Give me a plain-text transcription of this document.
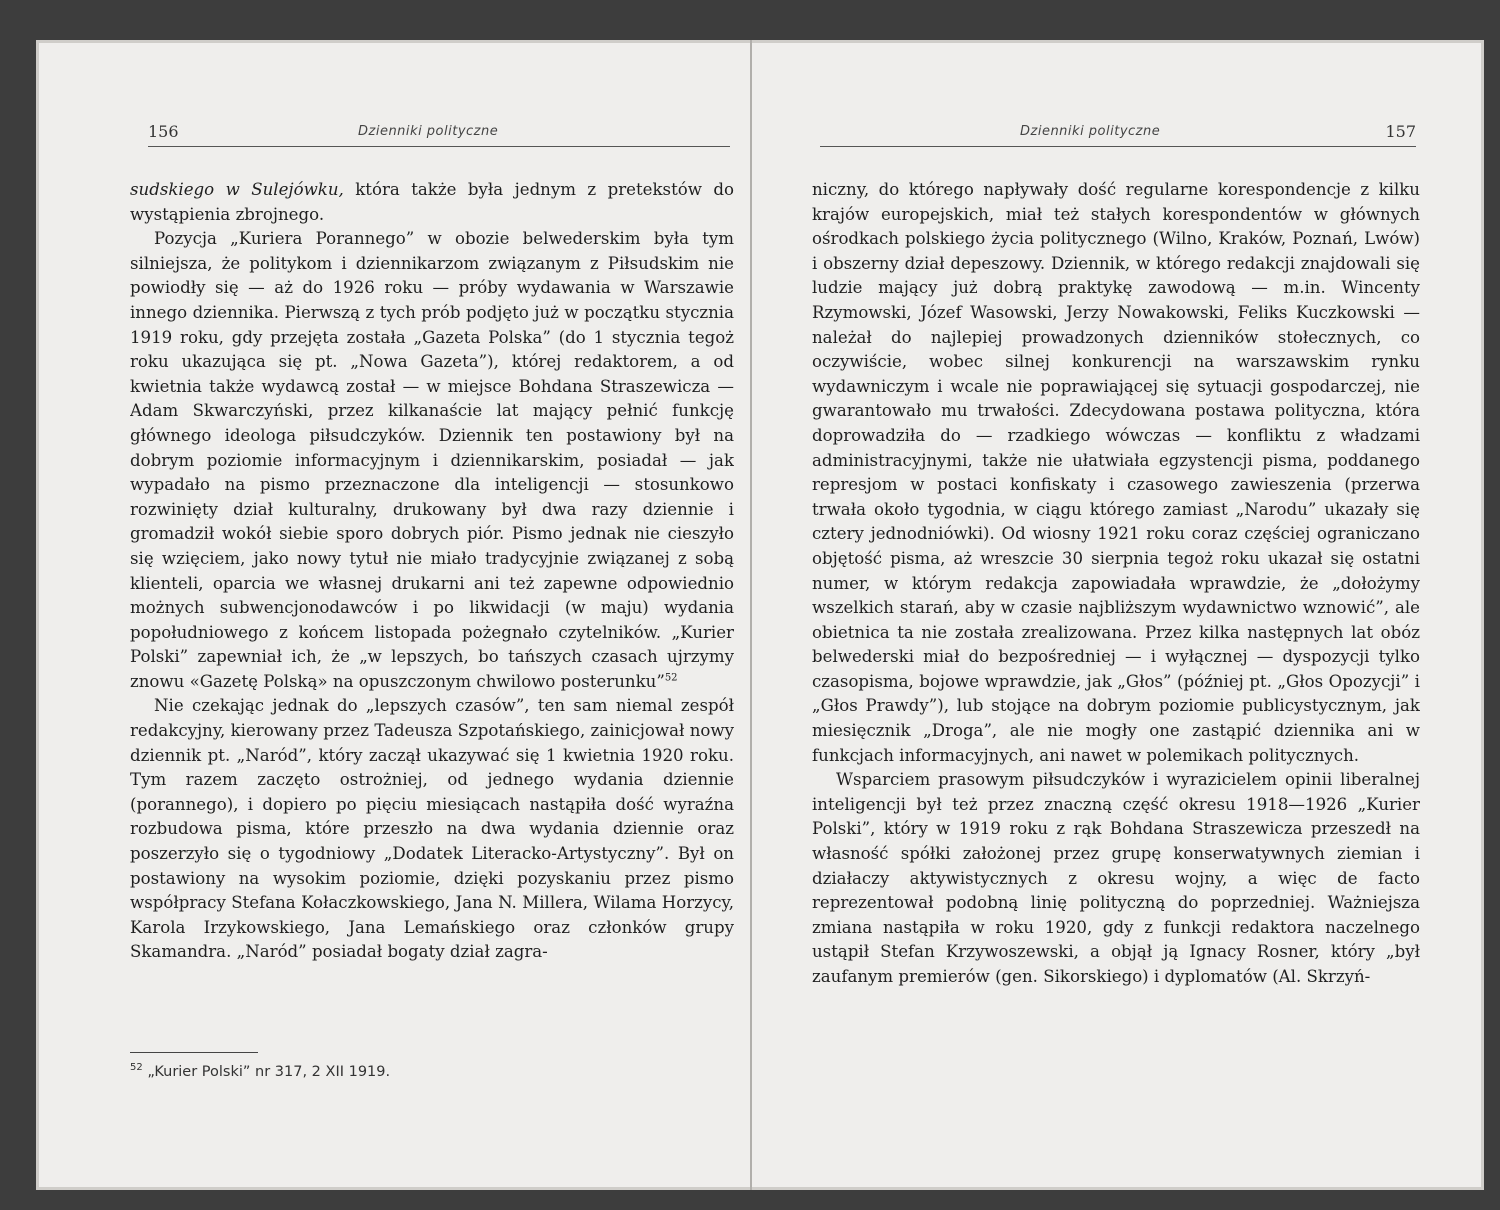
156	Dzienniki polityczne

sudskiego w Sulejówku, która także była jednym z pretekstów do wystąpienia zbrojnego.

Pozycja „Kuriera Porannego” w obozie belwederskim była tym silniejsza, że politykom i dziennikarzom związanym z Piłsudskim nie powiodły się — aż do 1926 roku — próby wydawania w Warszawie innego dziennika. Pierwszą z tych prób podjęto już w początku stycznia 1919 roku, gdy przejęta została „Gazeta Polska” (do 1 stycznia tegoż roku ukazująca się pt. „Nowa Gazeta”), której redaktorem, a od kwietnia także wydawcą został — w miejsce Bohdana Straszewicza — Adam Skwarczyński, przez kilkanaście lat mający pełnić funkcję głównego ideologa piłsudczyków. Dziennik ten postawiony był na dobrym poziomie informacyjnym i dziennikarskim, posiadał — jak wypadało na pismo przeznaczone dla inteligencji — stosunkowo rozwinięty dział kulturalny, drukowany był dwa razy dziennie i gromadził wokół siebie sporo dobrych piór. Pismo jednak nie cieszyło się wzięciem, jako nowy tytuł nie miało tradycyjnie związanej z sobą klienteli, oparcia we własnej drukarni ani też zapewne odpowiednio możnych subwencjonodawców i po likwidacji (w maju) wydania popołudniowego z końcem listopada pożegnało czytelników. „Kurier Polski” zapewniał ich, że „w lepszych, bo tańszych czasach ujrzymy znowu «Gazetę Polską» na opuszczonym chwilowo posterunku”$^{52}$

Nie czekając jednak do „lepszych czasów”, ten sam niemal zespół redakcyjny, kierowany przez Tadeusza Szpotańskiego, zainicjował nowy dziennik pt. „Naród”, który zaczął ukazywać się 1 kwietnia 1920 roku. Tym razem zaczęto ostrożniej, od jednego wydania dziennie (porannego), i dopiero po pięciu miesiącach nastąpiła dość wyraźna rozbudowa pisma, które przeszło na dwa wydania dziennie oraz poszerzyło się o tygodniowy „Dodatek Literacko-Artystyczny”. Był on postawiony na wysokim poziomie, dzięki pozyskaniu przez pismo współpracy Stefana Kołaczkowskiego, Jana N. Millera, Wilama Horzycy, Karola Irzykowskiego, Jana Lemańskiego oraz członków grupy Skamandra. „Naród” posiadał bogaty dział zagra-

$^{52}$ „Kurier Polski” nr 317, 2 XII 1919.
Dzienniki polityczne	157

niczny, do którego napływały dość regularne korespondencje z kilku krajów europejskich, miał też stałych korespondentów w głównych ośrodkach polskiego życia politycznego (Wilno, Kraków, Poznań, Lwów) i obszerny dział depeszowy. Dziennik, w którego redakcji znajdowali się ludzie mający już dobrą praktykę zawodową — m.in. Wincenty Rzymowski, Józef Wasowski, Jerzy Nowakowski, Feliks Kuczkowski — należał do najlepiej prowadzonych dzienników stołecznych, co oczywiście, wobec silnej konkurencji na warszawskim rynku wydawniczym i wcale nie poprawiającej się sytuacji gospodarczej, nie gwarantowało mu trwałości. Zdecydowana postawa polityczna, która doprowadziła do — rzadkiego wówczas — konfliktu z władzami administracyjnymi, także nie ułatwiała egzystencji pisma, poddanego represjom w postaci konfiskaty i czasowego zawieszenia (przerwa trwała około tygodnia, w ciągu którego zamiast „Narodu” ukazały się cztery jednodniówki). Od wiosny 1921 roku coraz częściej ograniczano objętość pisma, aż wreszcie 30 sierpnia tegoż roku ukazał się ostatni numer, w którym redakcja zapowiadała wprawdzie, że „dołożymy wszelkich starań, aby w czasie najbliższym wydawnictwo wznowić”, ale obietnica ta nie została zrealizowana. Przez kilka następnych lat obóz belwederski miał do bezpośredniej — i wyłącznej — dyspozycji tylko czasopisma, bojowe wprawdzie, jak „Głos” (później pt. „Głos Opozycji” i „Głos Prawdy”), lub stojące na dobrym poziomie publicystycznym, jak miesięcznik „Droga”, ale nie mogły one zastąpić dziennika ani w funkcjach informacyjnych, ani nawet w polemikach politycznych.

Wsparciem prasowym piłsudczyków i wyrazicielem opinii liberalnej inteligencji był też przez znaczną część okresu 1918—1926 „Kurier Polski”, który w 1919 roku z rąk Bohdana Straszewicza przeszedł na własność spółki założonej przez grupę konserwatywnych ziemian i działaczy aktywistycznych z okresu wojny, a więc de facto reprezentował podobną linię polityczną do poprzedniej. Ważniejsza zmiana nastąpiła w roku 1920, gdy z funkcji redaktora naczelnego ustąpił Stefan Krzywoszewski, a objął ją Ignacy Rosner, który „był zaufanym premierów (gen. Sikorskiego) i dyplomatów (Al. Skrzyń-
